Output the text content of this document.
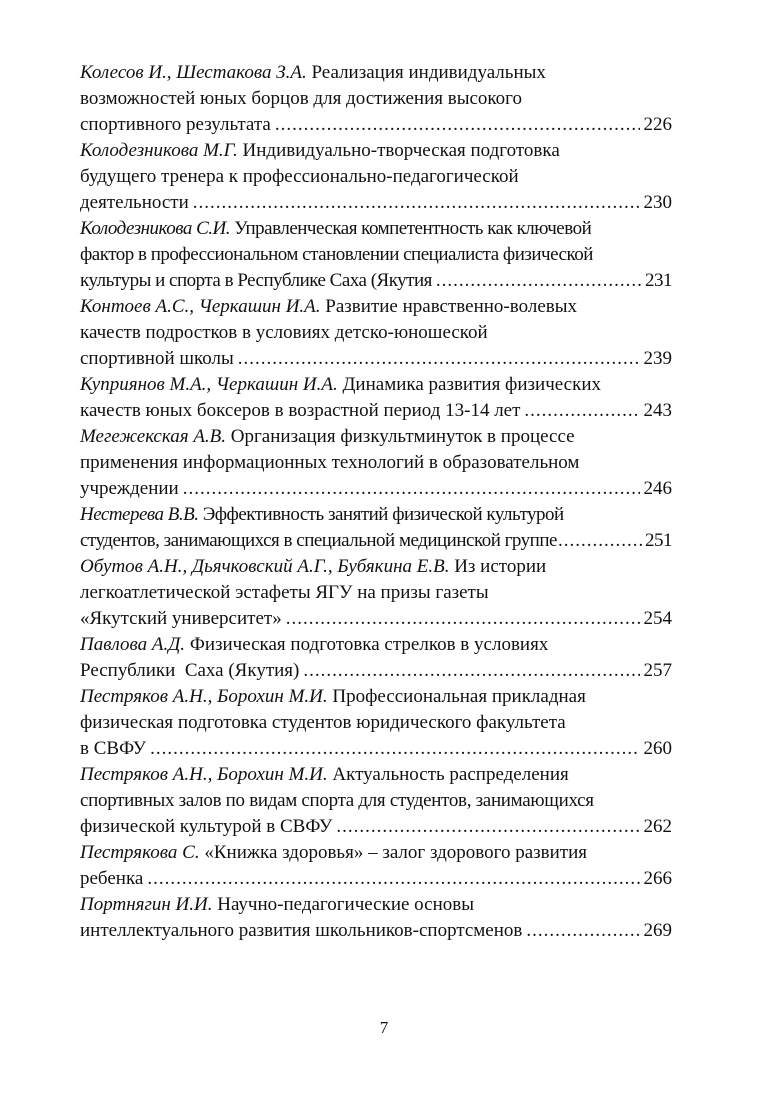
Колесов И., Шестакова З.А. Реализация индивидуальных
возможностей юных борцов для достижения высокого
спортивного результата .....	226
Колодезникова М.Г. Индивидуально-творческая подготовка
будущего тренера к профессионально-педагогической
деятельности .....	230
Колодезникова С.И. Управленческая компетентность как ключевой
фактор в профессиональном становлении специалиста физической
культуры и спорта в Республике Саха (Якутия .....	231
Контоев А.С., Черкашин И.А. Развитие нравственно-волевых
качеств подростков в условиях детско-юношеской
спортивной школы .....	239
Куприянов М.А., Черкашин И.А. Динамика развития физических
качеств юных боксеров в возрастной период 13-14 лет .....	243
Мегежекская А.В. Организация физкультминуток в процессе
применения информационных технологий в образовательном
учреждении .....	246
Нестерева В.В. Эффективность занятий физической культурой
студентов, занимающихся в специальной медицинской группе .....	251
Обутов А.Н., Дьячковский А.Г., Бубякина Е.В. Из истории
легкоатлетической эстафеты ЯГУ на призы газеты
«Якутский университет» .....	254
Павлова А.Д. Физическая подготовка стрелков в условиях
Республики  Саха (Якутия) .....	257
Пестряков А.Н., Борохин М.И. Профессиональная прикладная
физическая подготовка студентов юридического факультета
в СВФУ .....	260
Пестряков А.Н., Борохин М.И. Актуальность распределения
спортивных залов по видам спорта для студентов, занимающихся
физической культурой в СВФУ .....	262
Пестрякова С. «Книжка здоровья» – залог здорового развития
ребенка .....	266
Портнягин И.И. Научно-педагогические основы
интеллектуального развития школьников-спортсменов .....	269
7
